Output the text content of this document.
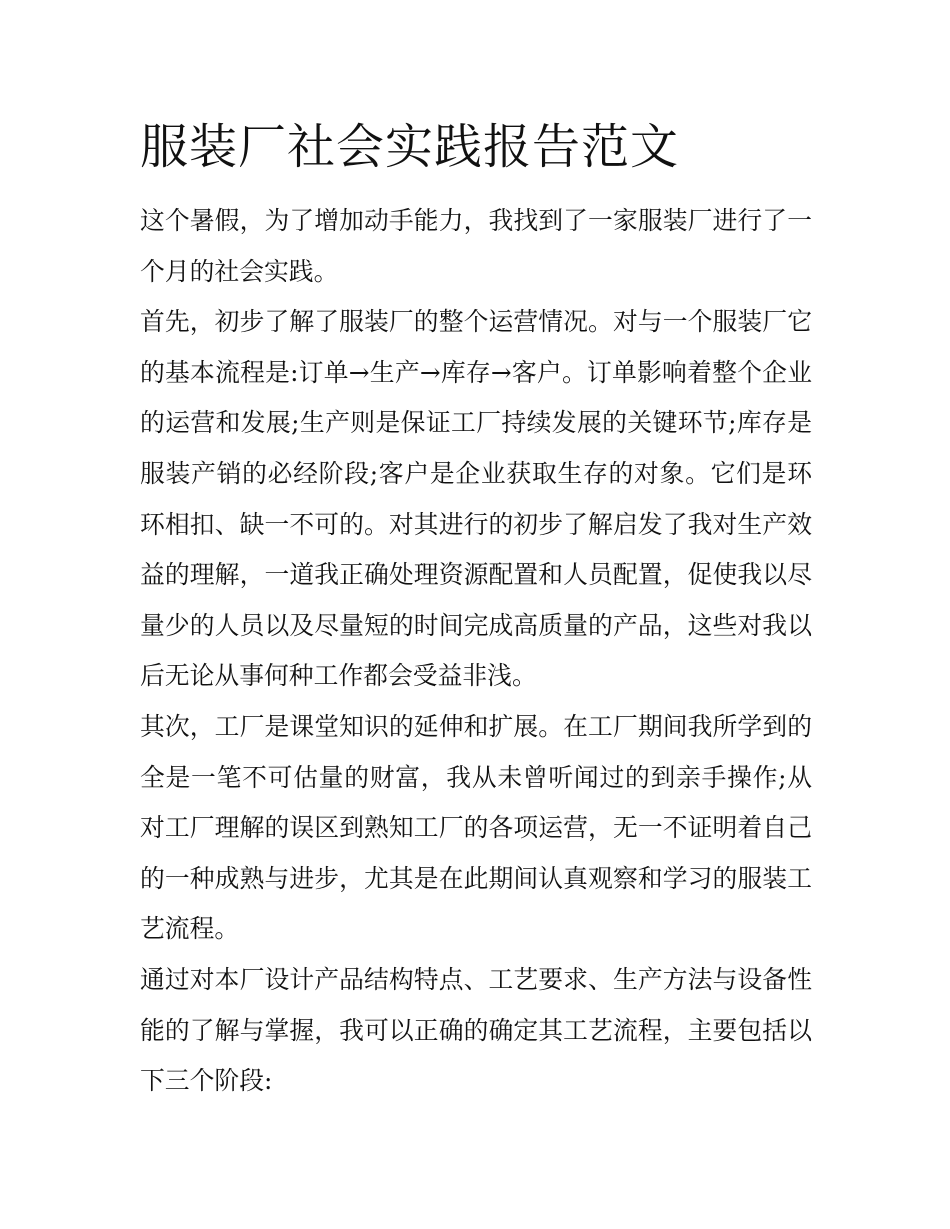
服装厂社会实践报告范文

这个暑假，为了增加动手能力，我找到了一家服装厂进行了一个月的社会实践。

首先，初步了解了服装厂的整个运营情况。对与一个服装厂它的基本流程是:订单→生产→库存→客户。订单影响着整个企业的运营和发展;生产则是保证工厂持续发展的关键环节;库存是服装产销的必经阶段;客户是企业获取生存的对象。它们是环环相扣、缺一不可的。对其进行的初步了解启发了我对生产效益的理解，一道我正确处理资源配置和人员配置，促使我以尽量少的人员以及尽量短的时间完成高质量的产品，这些对我以后无论从事何种工作都会受益非浅。

其次，工厂是课堂知识的延伸和扩展。在工厂期间我所学到的全是一笔不可估量的财富，我从未曾听闻过的到亲手操作;从对工厂理解的误区到熟知工厂的各项运营，无一不证明着自己的一种成熟与进步，尤其是在此期间认真观察和学习的服装工艺流程。

通过对本厂设计产品结构特点、工艺要求、生产方法与设备性能的了解与掌握，我可以正确的确定其工艺流程，主要包括以下三个阶段:
